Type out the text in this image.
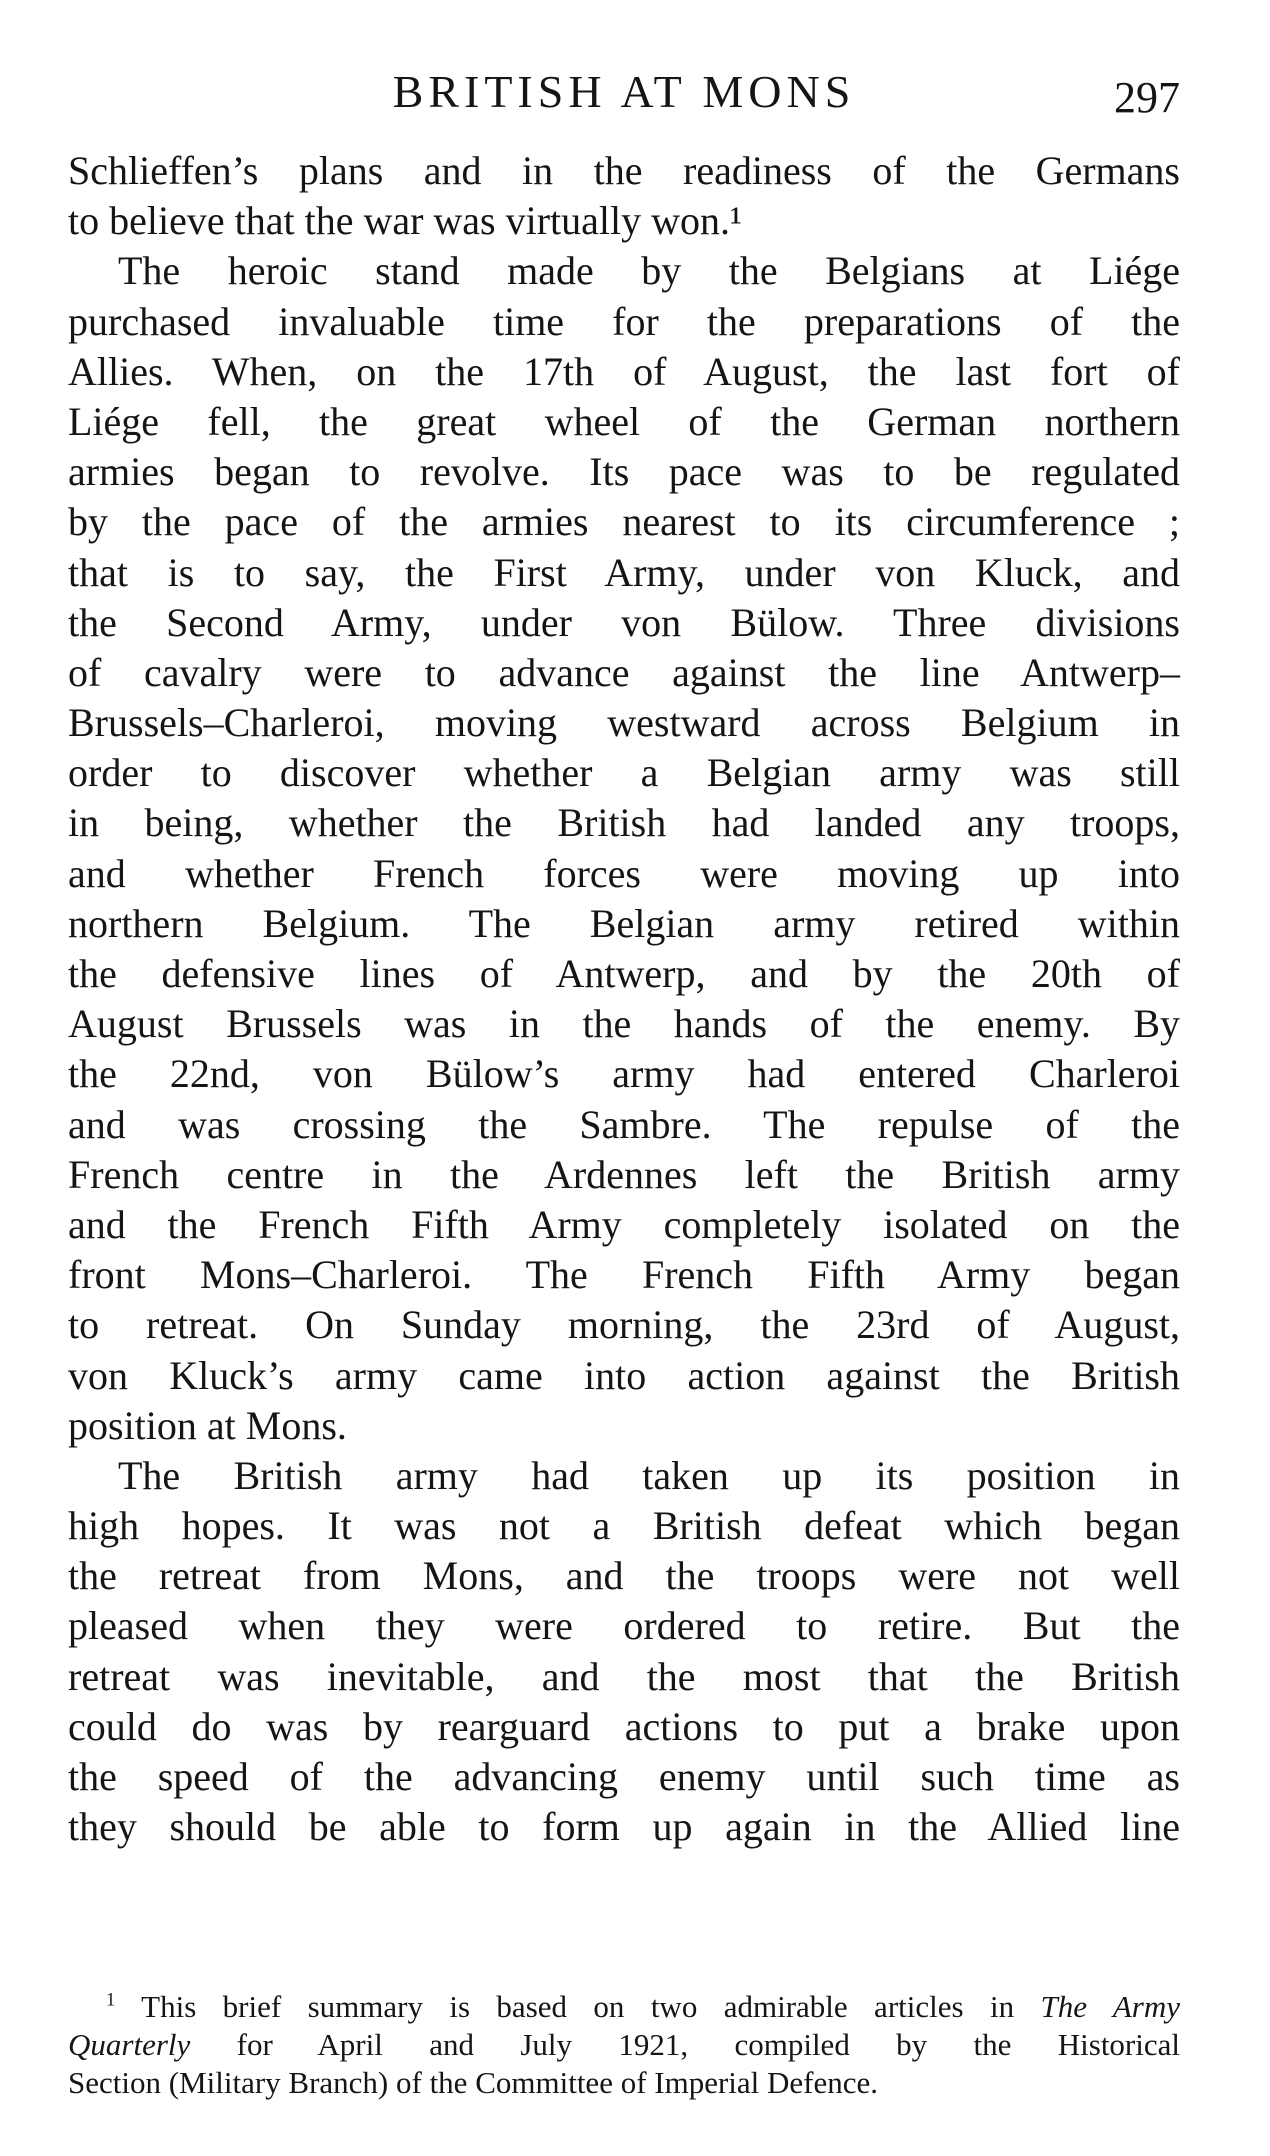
BRITISH AT MONS	297
Schlieffen’s plans and in the readiness of the Germans
to believe that the war was virtually won.¹
The heroic stand made by the Belgians at Liége
purchased invaluable time for the preparations of the
Allies. When, on the 17th of August, the last fort of
Liége fell, the great wheel of the German northern
armies began to revolve. Its pace was to be regulated
by the pace of the armies nearest to its circumference ;
that is to say, the First Army, under von Kluck, and
the Second Army, under von Bülow. Three divisions
of cavalry were to advance against the line Antwerp–
Brussels–Charleroi, moving westward across Belgium in
order to discover whether a Belgian army was still
in being, whether the British had landed any troops,
and whether French forces were moving up into
northern Belgium. The Belgian army retired within
the defensive lines of Antwerp, and by the 20th of
August Brussels was in the hands of the enemy. By
the 22nd, von Bülow’s army had entered Charleroi
and was crossing the Sambre. The repulse of the
French centre in the Ardennes left the British army
and the French Fifth Army completely isolated on the
front Mons–Charleroi. The French Fifth Army began
to retreat. On Sunday morning, the 23rd of August,
von Kluck’s army came into action against the British
position at Mons.
The British army had taken up its position in
high hopes. It was not a British defeat which began
the retreat from Mons, and the troops were not well
pleased when they were ordered to retire. But the
retreat was inevitable, and the most that the British
could do was by rearguard actions to put a brake upon
the speed of the advancing enemy until such time as
they should be able to form up again in the Allied line
$^1$ This brief summary is based on two admirable articles in The Army
Quarterly for April and July 1921, compiled by the Historical
Section (Military Branch) of the Committee of Imperial Defence.
